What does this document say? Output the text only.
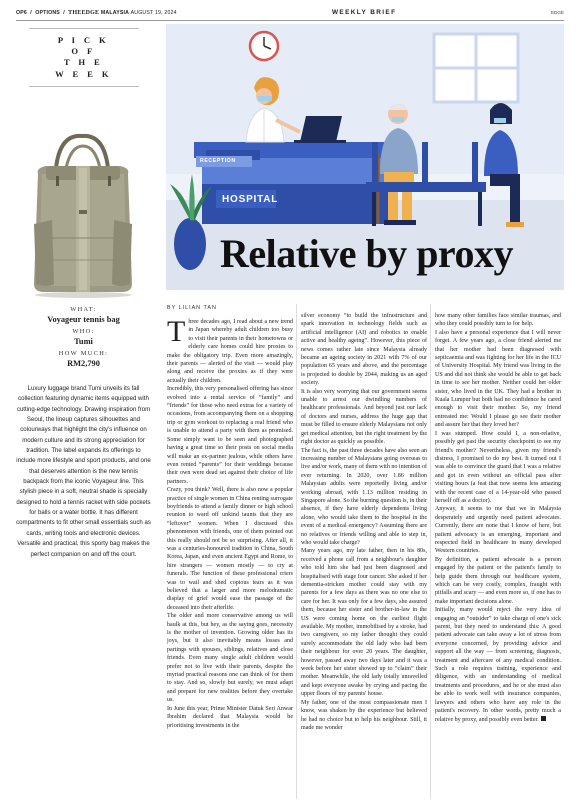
OP6  /  OPTIONS  /  THEEDGE MALAYSIA AUGUST 19, 2024	WEEKLY BRIEF	EDGE
P I C K
O F
T H E
W E E K
WHAT:
Voyageur tennis bag
WHO:
Tumi
HOW MUCH:
RM2,790
Luxury luggage brand Tumi unveils its fall collection featuring dynamic items equipped with cutting-edge technology. Drawing inspiration from Seoul, the lineup captures silhouettes and colourways that highlight the city's influence on modern culture and its strong appreciation for tradition. The label expands its offerings to include more lifestyle and sport products, and one that deserves attention is the new tennis backpack from the iconic Voyageur line. This stylish piece in a soft, neutral shade is specially designed to hold a tennis racket with side pockets for balls or a water bottle. It has different compartments to fit other small essentials such as cards, writing tools and electronic devices. Versatile and practical, this sporty bag makes the perfect companion on and off the court.
RECEPTION
HOSPITAL
Relative by proxy
BY LILIAN TAN

Three decades ago, I read about a new trend in Japan whereby adult children too busy to visit their parents in their hometowns or elderly care homes could hire proxies to make the obligatory trip. Even more amazingly, their parents — alerted of the visit — would play along and receive the proxies as if they were actually their children.

Incredibly, this very personalised offering has since evolved into a rental service of “family” and “friends” for those who need extras for a variety of occasions, from accompanying them on a shopping trip or gym workout to replacing a real friend who is unable to attend a party with them as promised. Some simply want to be seen and photographed having a great time so their posts on social media will make an ex-partner jealous, while others have even rented “parents” for their weddings because their own were dead set against their choice of life partners.

Crazy, you think? Well, there is also now a popular practice of single women in China renting surrogate boyfriends to attend a family dinner or high school reunion to ward off unkind taunts that they are “leftover” women. When I discussed this phenomenon with friends, one of them pointed out this really should not be so surprising. After all, it was a centuries-honoured tradition in China, South Korea, Japan, and even ancient Egypt and Rome, to hire strangers — women mostly — to cry at funerals. The function of these professional criers was to wail and shed copious tears as it was believed that a larger and more melodramatic display of grief would ease the passage of the deceased into their afterlife.

The older and more conservative among us will baulk at this, but hey, as the saying goes, necessity is the mother of invention. Growing older has its joys, but it also inevitably means losses and partings with spouses, siblings, relatives and close friends. Even many single adult children would prefer not to live with their parents, despite the myriad practical reasons one can think of for them to stay. And so, slowly but surely, we must adapt and prepare for new realities before they overtake us.

In June this year, Prime Minister Datuk Seri Anwar Ibrahim declared that Malaysia would be prioritising investments in the

silver economy “to build the infrastructure and spark innovation in technology fields such as artificial intelligence (AI) and robotics to enable active and healthy ageing”. However, this piece of news comes rather late since Malaysia already became an ageing society in 2021 with 7% of our population 65 years and above, and the percentage is projected to double by 2044, making us an aged society.

It is also very worrying that our government seems unable to arrest our dwindling numbers of healthcare professionals. And beyond just our lack of doctors and nurses, address the huge gap that must be filled to ensure elderly Malaysians not only get medical attention, but the right treatment by the right doctor as quickly as possible.

The fact is, the past three decades have also seen an increasing number of Malaysians going overseas to live and/or work, many of them with no intention of ever returning. In 2020, over 1.86 million Malaysian adults were reportedly living and/or working abroad, with 1.13 million residing in Singapore alone. So the burning question is, in their absence, if they have elderly dependents living alone, who would take them to the hospital in the event of a medical emergency? Assuming there are no relatives or friends willing and able to step in, who would take charge?

Many years ago, my late father, then in his 80s, received a phone call from a neighbour's daughter who told him she had just been diagnosed and hospitalised with stage four cancer. She asked if her dementia-stricken mother could stay with my parents for a few days as there was no one else to care for her. It was only for a few days, she assured them, because her sister and brother-in-law in the US were coming home on the earliest flight available. My mother, immobilised by a stroke, had two caregivers, so my father thought they could surely accommodate the old lady who had been their neighbour for over 20 years. The daughter, however, passed away two days later and it was a week before her sister showed up to “claim” their mother. Meanwhile, the old lady totally unravelled and kept everyone awake by crying and pacing the upper floors of my parents' house.

My father, one of the most compassionate men I know, was shaken by the experience but believed he had no choice but to help his neighbour. Still, it made me wonder

how many other families face similar traumas, and who they could possibly turn to for help.

I also have a personal experience that I will never forget. A few years ago, a close friend alerted me that her mother had been diagnosed with septicaemia and was fighting for her life in the ICU of University Hospital. My friend was living in the US and did not think she would be able to get back in time to see her mother. Neither could her older sister, who lived in the UK. They had a brother in Kuala Lumpur but both had no confidence he cared enough to visit their mother. So, my friend entreated me: Would I please go see their mother and assure her that they loved her?

I was stumped. How could I, a non-relative, possibly get past the security checkpoint to see my friend's mother? Nevertheless, given my friend's distress, I promised to do my best. It turned out I was able to convince the guard that I was a relative and got in even without an official pass after visiting hours (a feat that now seems less amazing with the recent case of a 14-year-old who passed herself off as a doctor).

Anyway, it seems to me that we in Malaysia desperately and urgently need patient advocates. Currently, there are none that I know of here, but patient advocacy is an emerging, important and respected field in healthcare in many developed Western countries.

By definition, a patient advocate is a person engaged by the patient or the patient's family to help guide them through our healthcare system, which can be very costly, complex, fraught with pitfalls and scary — and even more so, if one has to make important decisions alone.

Initially, many would reject the very idea of engaging an “outsider” to take charge of one's sick parent, but they need to understand this: A good patient advocate can take away a lot of stress from everyone concerned, by providing advice and support all the way — from screening, diagnosis, treatment and aftercare of any medical condition. Such a role requires training, experience and diligence, with an understanding of medical treatments and procedures, and he or she must also be able to work well with insurance companies, lawyers and others who have any role in the patient's recovery. In other words, pretty much a relative by proxy, and possibly even better.
